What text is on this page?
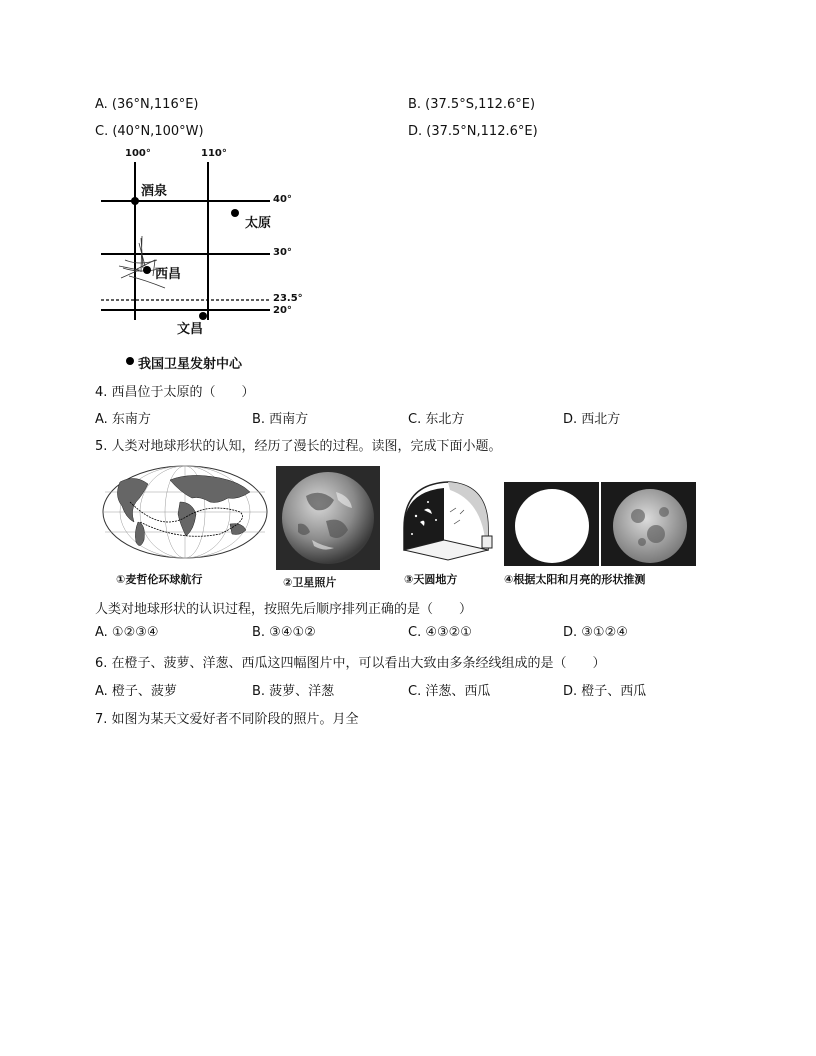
A. (36°N,116°E)	B. (37.5°S,112.6°E)
C. (40°N,100°W)	D. (37.5°N,112.6°E)
100°	110°
40°
30°
23.5°
20°
酒泉
太原
西昌
文昌
我国卫星发射中心
4. 西昌位于太原的（　　）
A. 东南方	B. 西南方	C. 东北方	D. 西北方
5. 人类对地球形状的认知，经历了漫长的过程。读图，完成下面小题。
①麦哲伦环球航行	②卫星照片	③天圆地方	④根据太阳和月亮的形状推测
人类对地球形状的认识过程，按照先后顺序排列正确的是（　　）
A. ①②③④	B. ③④①②	C. ④③②①	D. ③①②④
6. 在橙子、菠萝、洋葱、西瓜这四幅图片中，可以看出大致由多条经线组成的是（　　）
A. 橙子、菠萝	B. 菠萝、洋葱	C. 洋葱、西瓜	D. 橙子、西瓜
7. 如图为某天文爱好者不同阶段的照片。月全
